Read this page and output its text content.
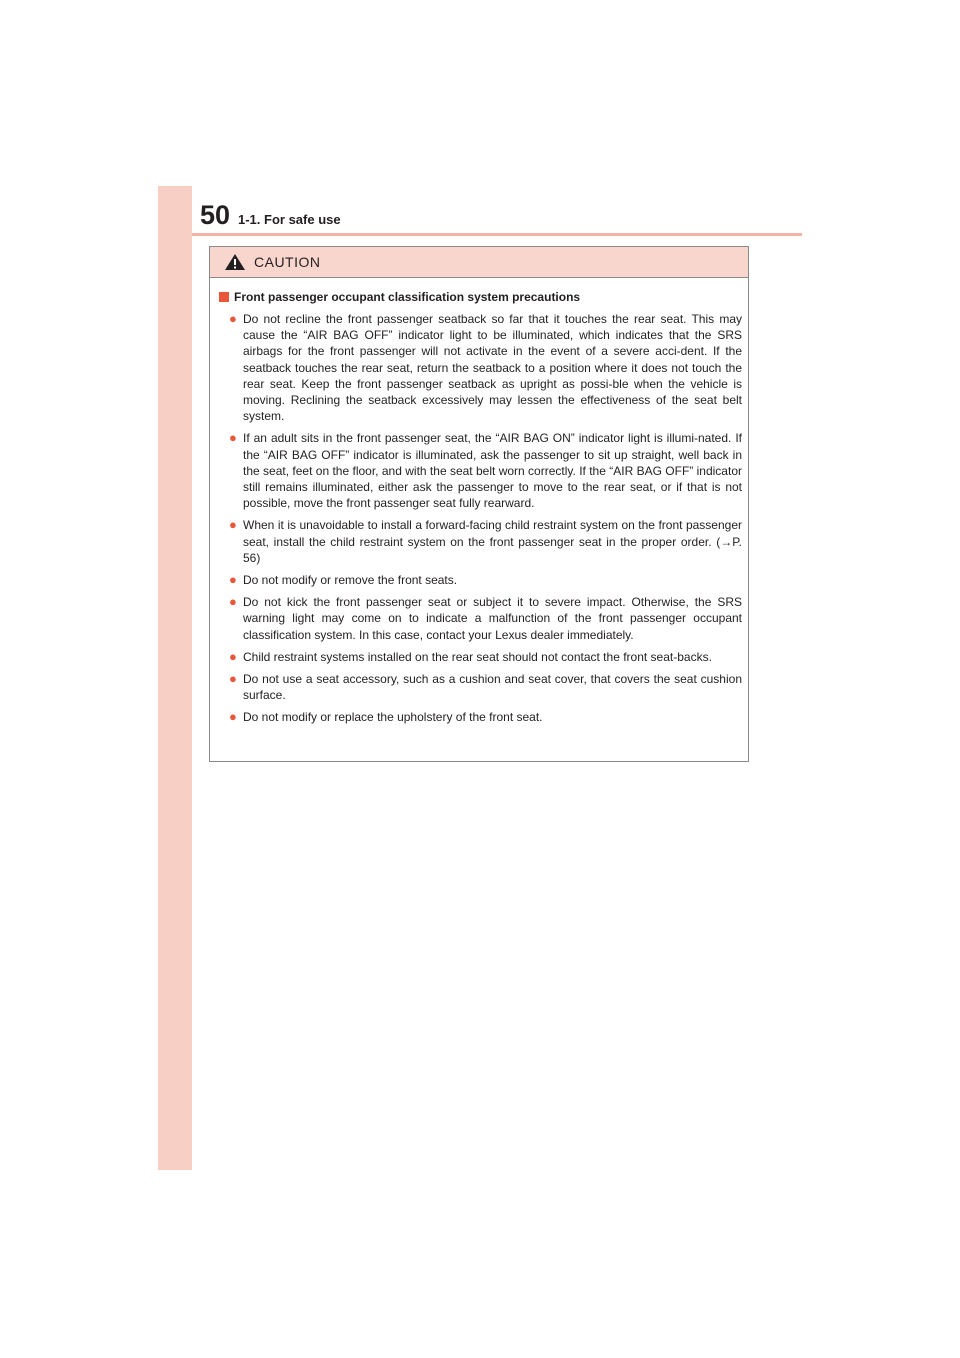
50 1-1. For safe use
CAUTION
Front passenger occupant classification system precautions
● Do not recline the front passenger seatback so far that it touches the rear seat. This may cause the “AIR BAG OFF” indicator light to be illuminated, which indicates that the SRS airbags for the front passenger will not activate in the event of a severe acci-dent. If the seatback touches the rear seat, return the seatback to a position where it does not touch the rear seat. Keep the front passenger seatback as upright as possi-ble when the vehicle is moving. Reclining the seatback excessively may lessen the effectiveness of the seat belt system.
● If an adult sits in the front passenger seat, the “AIR BAG ON” indicator light is illumi-nated. If the “AIR BAG OFF” indicator is illuminated, ask the passenger to sit up straight, well back in the seat, feet on the floor, and with the seat belt worn correctly. If the “AIR BAG OFF” indicator still remains illuminated, either ask the passenger to move to the rear seat, or if that is not possible, move the front passenger seat fully rearward.
● When it is unavoidable to install a forward-facing child restraint system on the front passenger seat, install the child restraint system on the front passenger seat in the proper order. (→P. 56)
● Do not modify or remove the front seats.
● Do not kick the front passenger seat or subject it to severe impact. Otherwise, the SRS warning light may come on to indicate a malfunction of the front passenger occupant classification system. In this case, contact your Lexus dealer immediately.
● Child restraint systems installed on the rear seat should not contact the front seat-backs.
● Do not use a seat accessory, such as a cushion and seat cover, that covers the seat cushion surface.
● Do not modify or replace the upholstery of the front seat.
